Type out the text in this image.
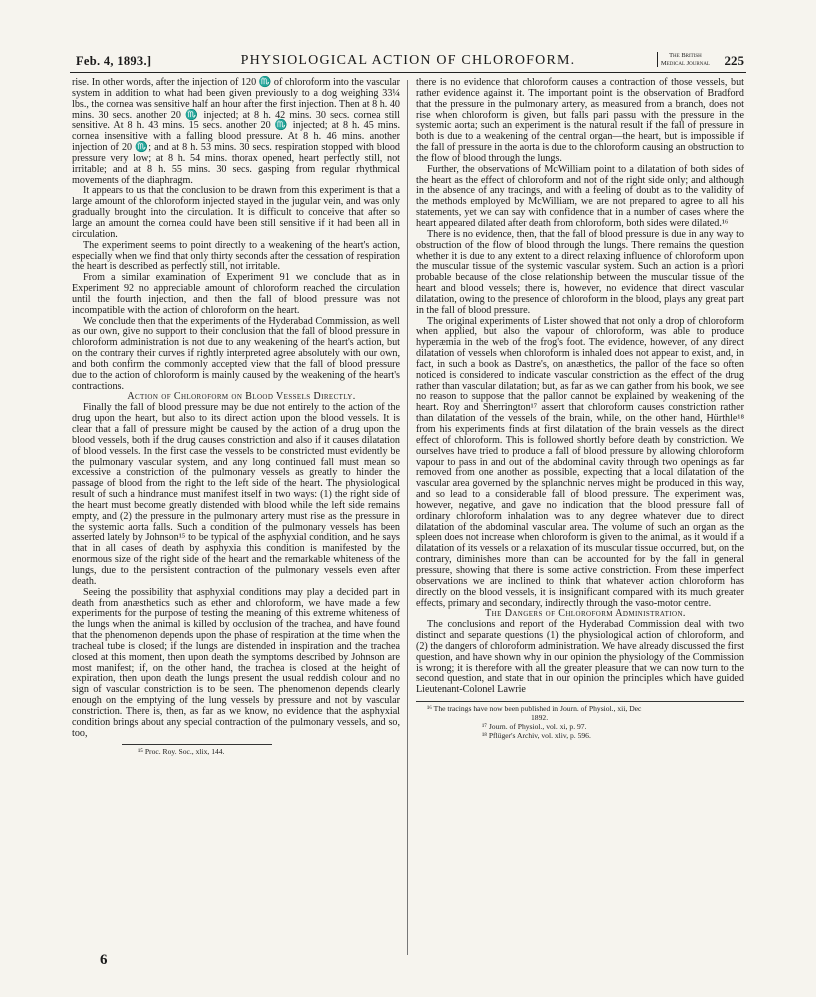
Feb. 4, 1893.]	PHYSIOLOGICAL ACTION OF CHLOROFORM.	The British
Medical Journal 225

rise. In other words, after the injection of 120 ♏ of chloroform into the vascular system in addition to what had been given previously to a dog weighing 33¼ lbs., the cornea was sensitive half an hour after the first injection. Then at 8 h. 40 mins. 30 secs. another 20 ♏ injected; at 8 h. 42 mins. 30 secs. cornea still sensitive. At 8 h. 43 mins. 15 secs. another 20 ♏ injected; at 8 h. 45 mins. cornea insensitive with a falling blood pressure. At 8 h. 46 mins. another injection of 20 ♏; and at 8 h. 53 mins. 30 secs. respiration stopped with blood pressure very low; at 8 h. 54 mins. thorax opened, heart perfectly still, not irritable; and at 8 h. 55 mins. 30 secs. gasping from regular rhythmical movements of the diaphragm.

It appears to us that the conclusion to be drawn from this experiment is that a large amount of the chloroform injected stayed in the jugular vein, and was only gradually brought into the circulation. It is difficult to conceive that after so large an amount the cornea could have been still sensitive if it had been all in circulation.

The experiment seems to point directly to a weakening of the heart's action, especially when we find that only thirty seconds after the cessation of respiration the heart is described as perfectly still, not irritable.

From a similar examination of Experiment 91 we conclude that as in Experiment 92 no appreciable amount of chloroform reached the circulation until the fourth injection, and then the fall of blood pressure was not incompatible with the action of chloroform on the heart.

We conclude then that the experiments of the Hyderabad Commission, as well as our own, give no support to their conclusion that the fall of blood pressure in chloroform administration is not due to any weakening of the heart's action, but on the contrary their curves if rightly interpreted agree absolutely with our own, and both confirm the commonly accepted view that the fall of blood pressure due to the action of chloroform is mainly caused by the weakening of the heart's contractions.

Action of Chloroform on Blood Vessels Directly.

Finally the fall of blood pressure may be due not entirely to the action of the drug upon the heart, but also to its direct action upon the blood vessels. It is clear that a fall of pressure might be caused by the action of a drug upon the blood vessels, both if the drug causes constriction and also if it causes dilatation of blood vessels. In the first case the vessels to be constricted must evidently be the pulmonary vascular system, and any long continued fall must mean so excessive a constriction of the pulmonary vessels as greatly to hinder the passage of blood from the right to the left side of the heart. The physiological result of such a hindrance must manifest itself in two ways: (1) the right side of the heart must become greatly distended with blood while the left side remains empty, and (2) the pressure in the pulmonary artery must rise as the pressure in the systemic aorta falls. Such a condition of the pulmonary vessels has been asserted lately by Johnson¹⁵ to be typical of the asphyxial condition, and he says that in all cases of death by asphyxia this condition is manifested by the enormous size of the right side of the heart and the remarkable whiteness of the lungs, due to the persistent contraction of the pulmonary vessels even after death.

Seeing the possibility that asphyxial conditions may play a decided part in death from anæsthetics such as ether and chloroform, we have made a few experiments for the purpose of testing the meaning of this extreme whiteness of the lungs when the animal is killed by occlusion of the trachea, and have found that the phenomenon depends upon the phase of respiration at the time when the tracheal tube is closed; if the lungs are distended in inspiration and the trachea closed at this moment, then upon death the symptoms described by Johnson are most manifest; if, on the other hand, the trachea is closed at the height of expiration, then upon death the lungs present the usual reddish colour and no sign of vascular constriction is to be seen. The phenomenon depends clearly enough on the emptying of the lung vessels by pressure and not by vascular constriction. There is, then, as far as we know, no evidence that the asphyxial condition brings about any special contraction of the pulmonary vessels, and so, too,

¹⁵ Proc. Roy. Soc., xlix, 144.

there is no evidence that chloroform causes a contraction of those vessels, but rather evidence against it. The important point is the observation of Bradford that the pressure in the pulmonary artery, as measured from a branch, does not rise when chloroform is given, but falls pari passu with the pressure in the systemic aorta; such an experiment is the natural result if the fall of pressure in both is due to a weakening of the central organ—the heart, but is impossible if the fall of pressure in the aorta is due to the chloroform causing an obstruction to the flow of blood through the lungs.

Further, the observations of McWilliam point to a dilatation of both sides of the heart as the effect of chloroform and not of the right side only; and although in the absence of any tracings, and with a feeling of doubt as to the validity of the methods employed by McWilliam, we are not prepared to agree to all his statements, yet we can say with confidence that in a number of cases where the heart appeared dilated after death from chloroform, both sides were dilated.¹⁶

There is no evidence, then, that the fall of blood pressure is due in any way to obstruction of the flow of blood through the lungs. There remains the question whether it is due to any extent to a direct relaxing influence of chloroform upon the muscular tissue of the systemic vascular system. Such an action is a priori probable because of the close relationship between the muscular tissue of the heart and blood vessels; there is, however, no evidence that direct vascular dilatation, owing to the presence of chloroform in the blood, plays any great part in the fall of blood pressure.

The original experiments of Lister showed that not only a drop of chloroform when applied, but also the vapour of chloroform, was able to produce hyperæmia in the web of the frog's foot. The evidence, however, of any direct dilatation of vessels when chloroform is inhaled does not appear to exist, and, in fact, in such a book as Dastre's, on anæsthetics, the pallor of the face so often noticed is considered to indicate vascular constriction as the effect of the drug rather than vascular dilatation; but, as far as we can gather from his book, we see no reason to suppose that the pallor cannot be explained by weakening of the heart. Roy and Sherrington¹⁷ assert that chloroform causes constriction rather than dilatation of the vessels of the brain, while, on the other hand, Hürthle¹⁸ from his experiments finds at first dilatation of the brain vessels as the direct effect of chloroform. This is followed shortly before death by constriction. We ourselves have tried to produce a fall of blood pressure by allowing chloroform vapour to pass in and out of the abdominal cavity through two openings as far removed from one another as possible, expecting that a local dilatation of the vascular area governed by the splanchnic nerves might be produced in this way, and so lead to a considerable fall of blood pressure. The experiment was, however, negative, and gave no indication that the blood pressure fall of ordinary chloroform inhalation was to any degree whatever due to direct dilatation of the abdominal vascular area. The volume of such an organ as the spleen does not increase when chloroform is given to the animal, as it would if a dilatation of its vessels or a relaxation of its muscular tissue occurred, but, on the contrary, diminishes more than can be accounted for by the fall in general pressure, showing that there is some active constriction. From these imperfect observations we are inclined to think that whatever action chloroform has directly on the blood vessels, it is insignificant compared with its much greater effects, primary and secondary, indirectly through the vaso-motor centre.

The Dangers of Chloroform Administration.

The conclusions and report of the Hyderabad Commission deal with two distinct and separate questions (1) the physiological action of chloroform, and (2) the dangers of chloroform administration. We have already discussed the first question, and have shown why in our opinion the physiology of the Commission is wrong; it is therefore with all the greater pleasure that we can now turn to the second question, and state that in our opinion the principles which have guided Lieutenant-Colonel Lawrie

¹⁶ The tracings have now been published in Journ. of Physiol., xii, Dec

1892.

¹⁷ Journ. of Physiol., vol. xi, p. 97.

¹⁸ Pflüger's Archiv, vol. xliv, p. 596.

6
